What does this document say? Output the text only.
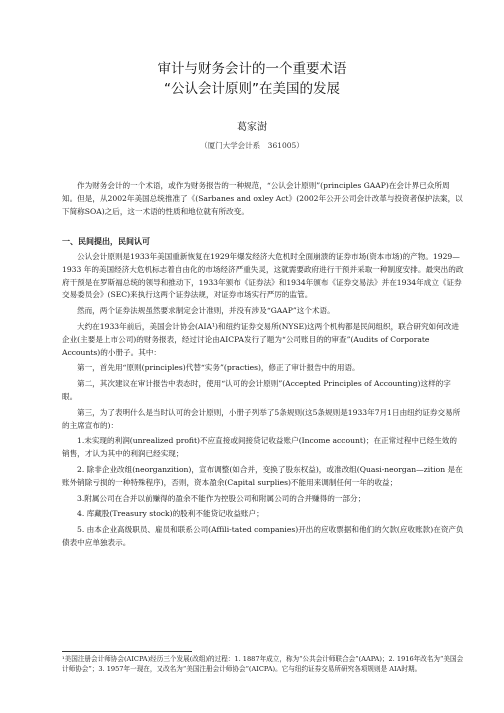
审计与财务会计的一个重要术语
“公认会计原则”在美国的发展
葛家澍
（厦门大学会计系　361005）

作为财务会计的一个术语，或作为财务报告的一种规范，“公认会计原则”(principles GAAP)在会计界已众所周知。但是，从2002年美国总统推准了《(Sarbanes and oxley Act》(2002年公开公司会计改革与投资者保护法案，以下简称SOA)之后，这一术语的性质和地位就有所改变。

一、民间提出，民间认可

公认会计原则是1933年美国重新恢复在1929年爆发经济大危机时全面崩溃的证券市场(资本市场)的产物。1929—1933 年的美国经济大危机标志着自由化的市场经济严重失灵，这就需要政府进行干预并采取一种制度安排。最突出的政府干预是在罗斯福总统的领导和推动下，1933年颁布《证券法》和1934年颁布《证券交易法》并在1934年成立《证券交易委员会》(SEC)来执行这两个证券法规，对证券市场实行严厉的监管。

然而，两个证券法规虽然要求制定会计准则，并没有涉及“GAAP”这个术语。

大约在1933年前后，美国会计协会(AIA¹)和纽约证券交易所(NYSE)这两个机构都是民间组织，联合研究如何改进企业(主要是上市公司)的财务报表，经过讨论由AICPA发行了题为“公司账目的的审查”(Audits of Corporate Accounts)的小册子。其中：

第一，首先用“原则(principles)代替“实务”(practies)，修正了审计报告中的用语。

第二，其次建议在审计报告中表态时，使用“认可的会计原则”(Accepted Principles of Accounting)这样的字眼。

第三，为了表明什么是当时认可的会计原则，小册子列举了5条规则(这5条规则是1933年7月1日由纽约证券交易所的主席宣布的)：

1.未实现的利润(unrealized profit)不应直接或间接贷记收益账户(Income account)；在正常过程中已经生效的销售，才认为其中的利润已经实现；

2. 除非企业改组(neorganzition)，宣布调整(如合并，变换了股东权益)，或准改组(Quasi-neorgan—zition 是在账外销除亏损的一种特殊程序)，否则，资本盈余(Capital surplies)不能用来调制任何一年的收益；

3.附属公司在合并以前赚得的盈余不能作为控股公司和附属公司的合并赚得的一部分；

4. 库藏股(Treasury stock)的股利不能贷记收益账户；

5. 由本企业高级职员、雇员和联系公司(Affili-tated companies)开出的应收票据和他们的欠款(应收账款)在资产负债表中应单独表示。

¹美国注册会计师协会(AICPA)经历三个发展(改组)的过程：1. 1887年成立，称为“公共会计师联合会”(AAPA)；2. 1916年改名为“美国会计师协会”；3. 1957年一现在，又改名为“美国注册会计师协会”(AICPA)。它与纽约证券交易所研究各项规则是 AIA时期。
